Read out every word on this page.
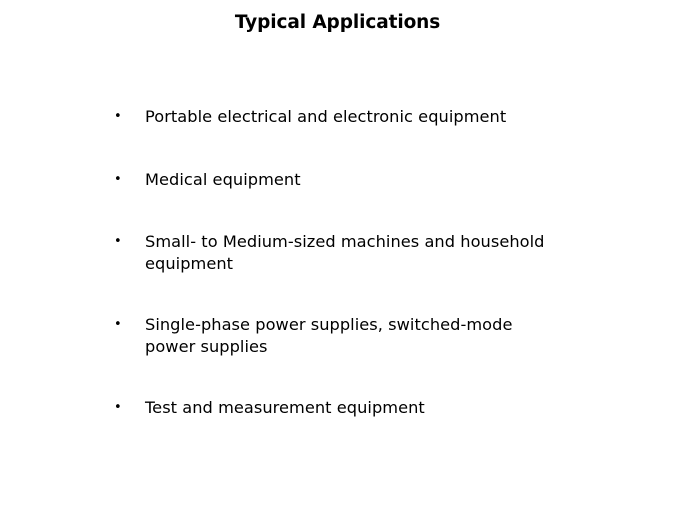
Typical Applications
•	Portable electrical and electronic equipment
•	Medical equipment
•	Small- to Medium-sized machines and household equipment
•	Single-phase power supplies, switched-mode power supplies
•	Test and measurement equipment
